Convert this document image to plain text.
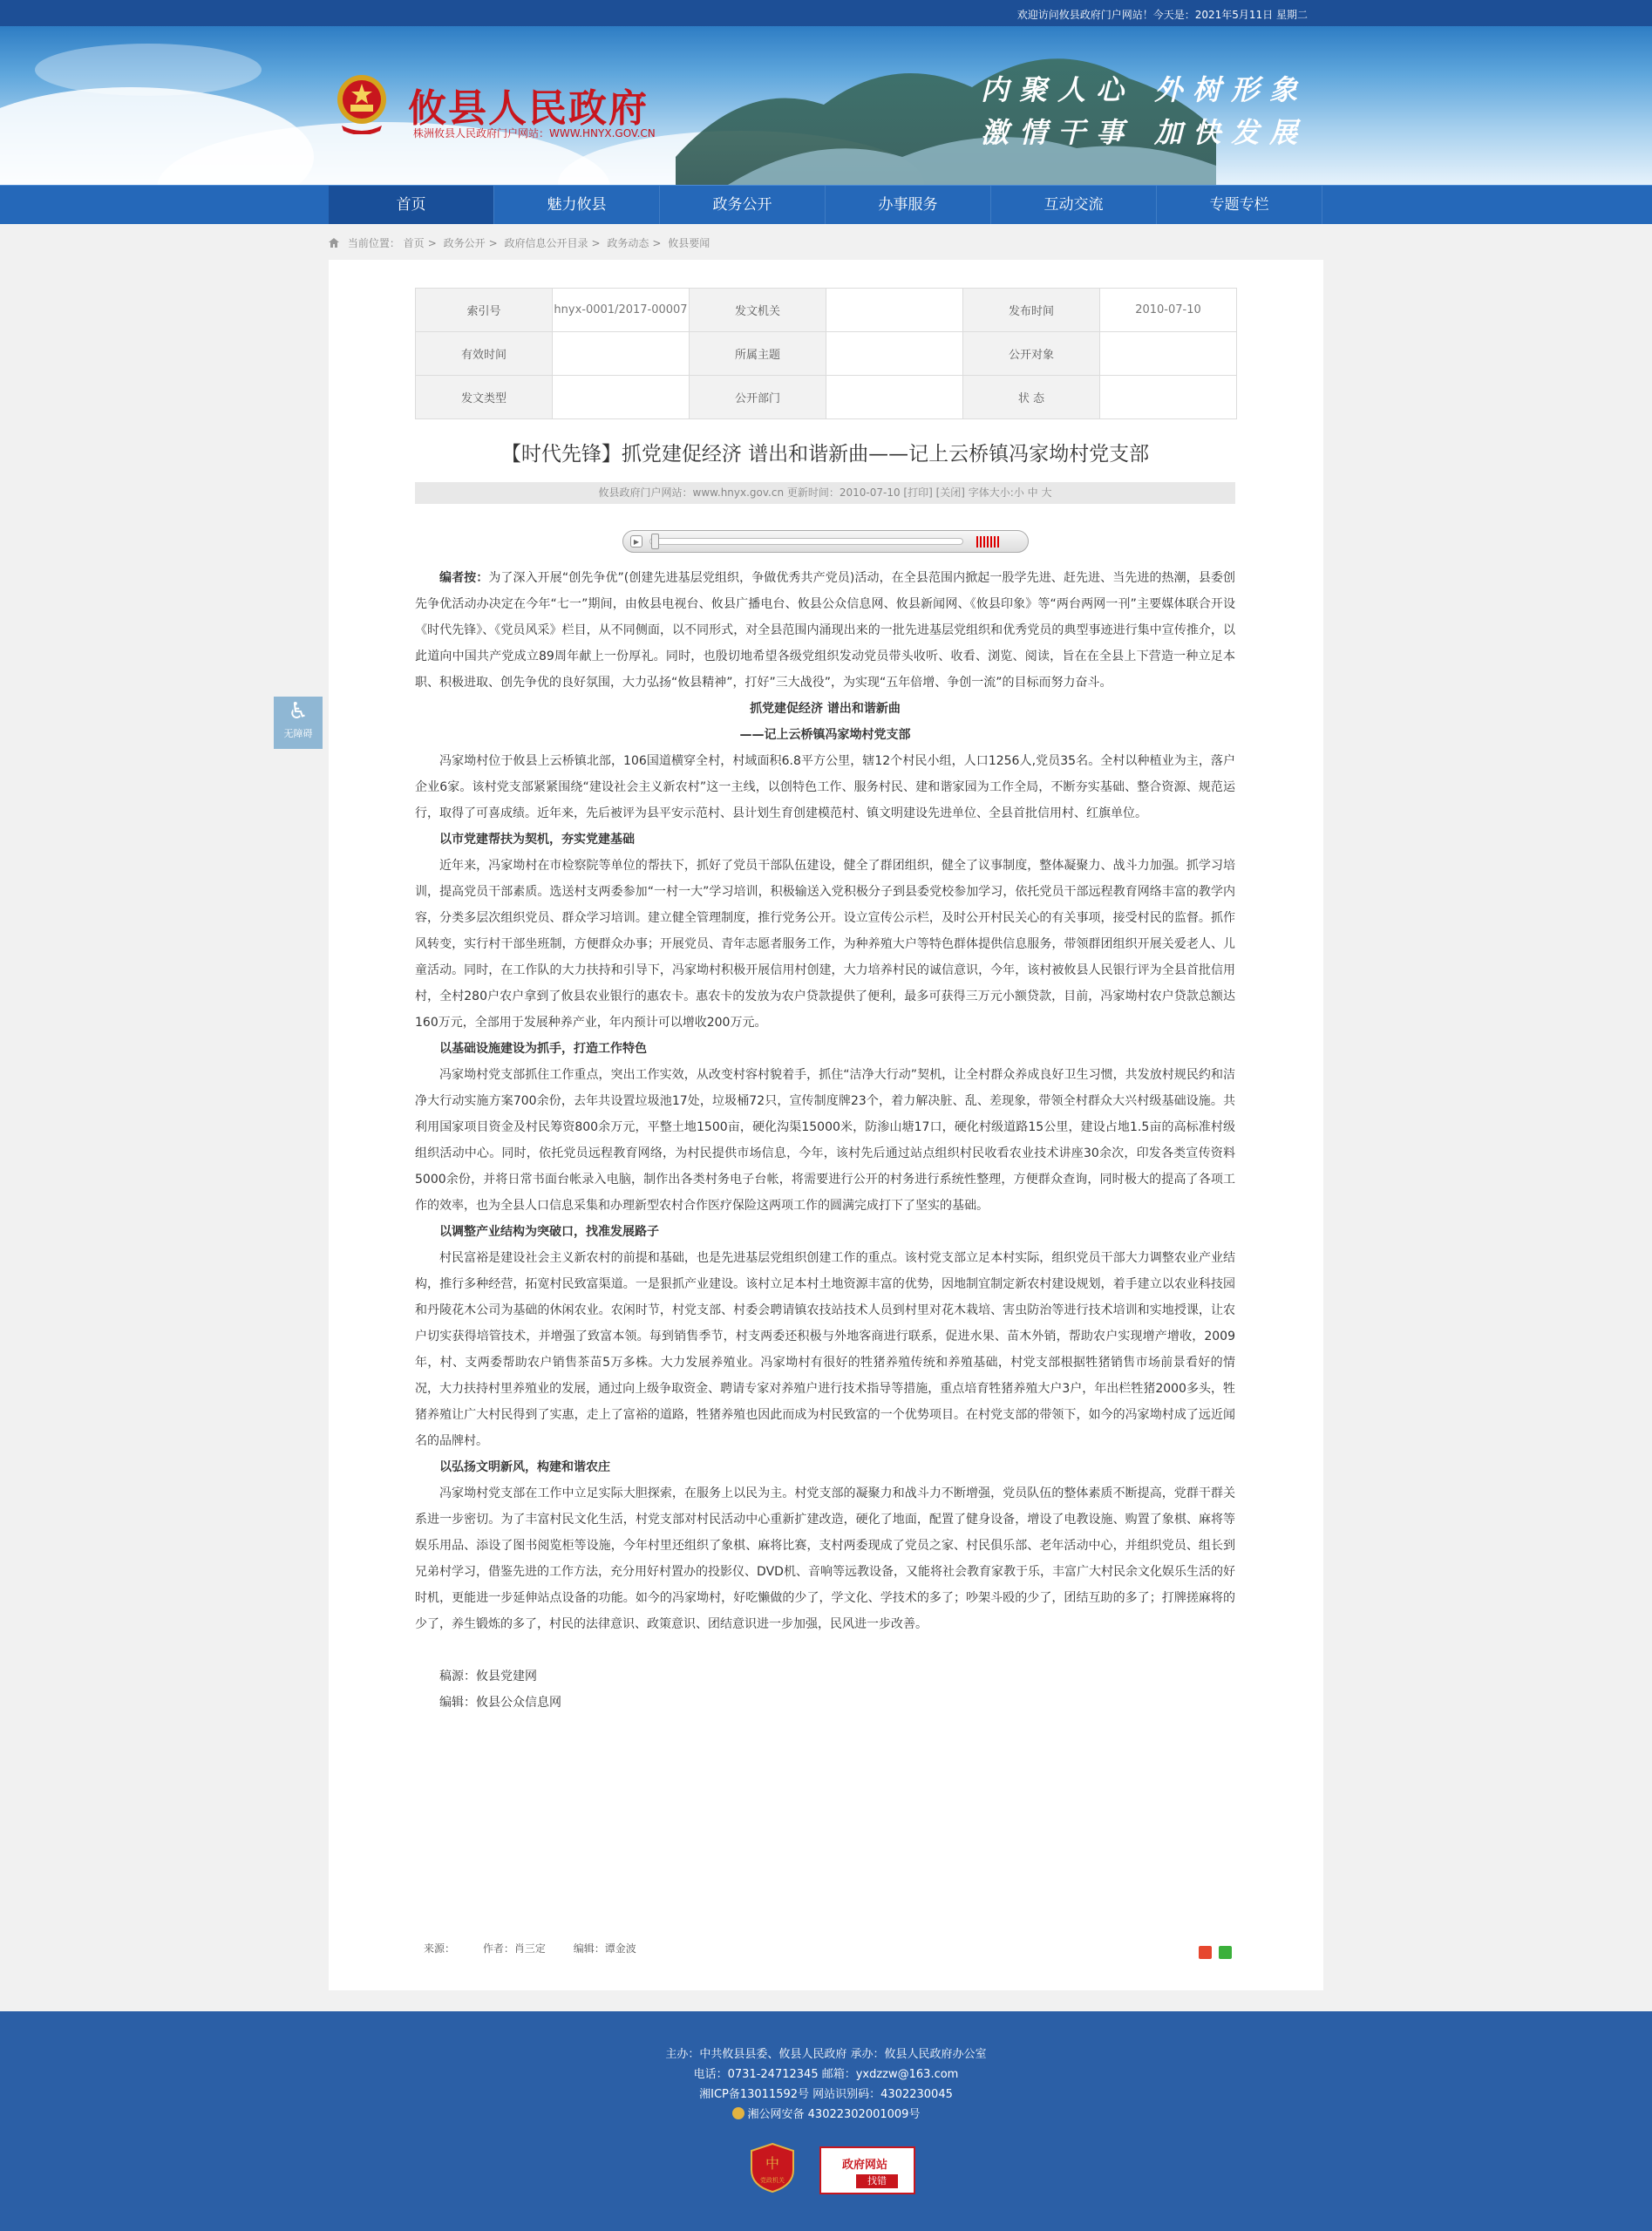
欢迎访问攸县政府门户网站！今天是：2021年5月11日 星期二
攸县人民政府
株洲攸县人民政府门户网站：WWW.HNYX.GOV.CN
内聚人心 外树形象
激情干事 加快发展
首页	魅力攸县	政务公开	办事服务	互动交流	专题专栏
当前位置： 首页 > 政务公开 > 政府信息公开目录 > 政务动态 > 攸县要闻
♿
无障碍
索引号	hnyx-0001/2017-00007	发文机关		发布时间	2010-07-10
有效时间		所属主题		公开对象	
发文类型		公开部门		状 态	
【时代先锋】抓党建促经济 谱出和谐新曲——记上云桥镇冯家坳村党支部
攸县政府门户网站：www.hnyx.gov.cn 更新时间：2010-07-10 [打印] [关闭] 字体大小:小 中 大
▶

编者按：为了深入开展“创先争优”(创建先进基层党组织，争做优秀共产党员)活动，在全县范围内掀起一股学先进、赶先进、当先进的热潮，县委创先争优活动办决定在今年“七一”期间，由攸县电视台、攸县广播电台、攸县公众信息网、攸县新闻网、《攸县印象》等“两台两网一刊”主要媒体联合开设《时代先锋》、《党员风采》栏目，从不同侧面，以不同形式，对全县范围内涌现出来的一批先进基层党组织和优秀党员的典型事迹进行集中宣传推介，以此道向中国共产党成立89周年献上一份厚礼。同时，也殷切地希望各级党组织发动党员带头收听、收看、浏览、阅读，旨在在全县上下营造一种立足本职、积极进取、创先争优的良好氛围，大力弘扬“攸县精神”，打好”三大战役”，为实现“五年倍增、争创一流”的目标而努力奋斗。

抓党建促经济 谱出和谐新曲

——记上云桥镇冯家坳村党支部

冯家坳村位于攸县上云桥镇北部，106国道横穿全村，村域面积6.8平方公里，辖12个村民小组，人口1256人,党员35名。全村以种植业为主，落户企业6家。该村党支部紧紧围绕“建设社会主义新农村”这一主线，以创特色工作、服务村民、建和谐家园为工作全局，不断夯实基础、整合资源、规范运行，取得了可喜成绩。近年来，先后被评为县平安示范村、县计划生育创建模范村、镇文明建设先进单位、全县首批信用村、红旗单位。

以市党建帮扶为契机，夯实党建基础

近年来，冯家坳村在市检察院等单位的帮扶下，抓好了党员干部队伍建设，健全了群团组织，健全了议事制度，整体凝聚力、战斗力加强。抓学习培训，提高党员干部素质。选送村支两委参加“一村一大”学习培训，积极输送入党积极分子到县委党校参加学习，依托党员干部远程教育网络丰富的教学内容，分类多层次组织党员、群众学习培训。建立健全管理制度，推行党务公开。设立宣传公示栏，及时公开村民关心的有关事项，接受村民的监督。抓作风转变，实行村干部坐班制，方便群众办事；开展党员、青年志愿者服务工作，为种养殖大户等特色群体提供信息服务，带领群团组织开展关爱老人、儿童活动。同时，在工作队的大力扶持和引导下，冯家坳村积极开展信用村创建，大力培养村民的诚信意识，今年，该村被攸县人民银行评为全县首批信用村，全村280户农户拿到了攸县农业银行的惠农卡。惠农卡的发放为农户贷款提供了便利，最多可获得三万元小额贷款，目前，冯家坳村农户贷款总额达160万元，全部用于发展种养产业，年内预计可以增收200万元。

以基础设施建设为抓手，打造工作特色

冯家坳村党支部抓住工作重点，突出工作实效，从改变村容村貌着手，抓住“洁净大行动”契机，让全村群众养成良好卫生习惯，共发放村规民约和洁净大行动实施方案700余份，去年共设置垃圾池17处，垃圾桶72只，宣传制度牌23个，着力解决脏、乱、差现象，带领全村群众大兴村级基础设施。共利用国家项目资金及村民筹资800余万元，平整土地1500亩，硬化沟渠15000米，防渗山塘17口，硬化村级道路15公里，建设占地1.5亩的高标准村级组织活动中心。同时，依托党员远程教育网络，为村民提供市场信息，今年，该村先后通过站点组织村民收看农业技术讲座30余次，印发各类宣传资料5000余份，并将日常书面台帐录入电脑，制作出各类村务电子台帐，将需要进行公开的村务进行系统性整理，方便群众查询，同时极大的提高了各项工作的效率，也为全县人口信息采集和办理新型农村合作医疗保险这两项工作的圆满完成打下了坚实的基础。

以调整产业结构为突破口，找准发展路子

村民富裕是建设社会主义新农村的前提和基础，也是先进基层党组织创建工作的重点。该村党支部立足本村实际，组织党员干部大力调整农业产业结构，推行多种经营，拓宽村民致富渠道。一是狠抓产业建设。该村立足本村土地资源丰富的优势，因地制宜制定新农村建设规划，着手建立以农业科技园和丹陵花木公司为基础的休闲农业。农闲时节，村党支部、村委会聘请镇农技站技术人员到村里对花木栽培、害虫防治等进行技术培训和实地授课，让农户切实获得培管技术，并增强了致富本领。每到销售季节，村支两委还积极与外地客商进行联系，促进水果、苗木外销，帮助农户实现增产增收，2009年，村、支两委帮助农户销售茶苗5万多株。大力发展养殖业。冯家坳村有很好的牲猪养殖传统和养殖基础，村党支部根据牲猪销售市场前景看好的情况，大力扶持村里养殖业的发展，通过向上级争取资金、聘请专家对养殖户进行技术指导等措施，重点培育牲猪养殖大户3户，年出栏牲猪2000多头，牲猪养殖让广大村民得到了实惠，走上了富裕的道路，牲猪养殖也因此而成为村民致富的一个优势项目。在村党支部的带领下，如今的冯家坳村成了远近闻名的品牌村。

以弘扬文明新风，构建和谐农庄

冯家坳村党支部在工作中立足实际大胆探索，在服务上以民为主。村党支部的凝聚力和战斗力不断增强，党员队伍的整体素质不断提高，党群干群关系进一步密切。为了丰富村民文化生活，村党支部对村民活动中心重新扩建改造，硬化了地面，配置了健身设备，增设了电教设施、购置了象棋、麻将等娱乐用品、添设了图书阅览柜等设施，今年村里还组织了象棋、麻将比赛，支村两委现成了党员之家、村民俱乐部、老年活动中心，并组织党员、组长到兄弟村学习，借鉴先进的工作方法，充分用好村置办的投影仪、DVD机、音响等远教设备，又能将社会教育家教于乐，丰富广大村民余文化娱乐生活的好时机，更能进一步延伸站点设备的功能。如今的冯家坳村，好吃懒做的少了，学文化、学技术的多了；吵架斗殴的少了，团结互助的多了；打牌搓麻将的少了，养生锻炼的多了，村民的法律意识、政策意识、团结意识进一步加强，民风进一步改善。

稿源：攸县党建网

编辑：攸县公众信息网

来源：	作者：肖三定	编辑：谭金波

主办：中共攸县县委、攸县人民政府 承办：攸县人民政府办公室
电话：0731-24712345 邮箱：yxdzzw@163.com
湘ICP备13011592号 网站识别码：4302230045
湘公网安备 43022302001009号
中
党政机关
政府网站
找错
